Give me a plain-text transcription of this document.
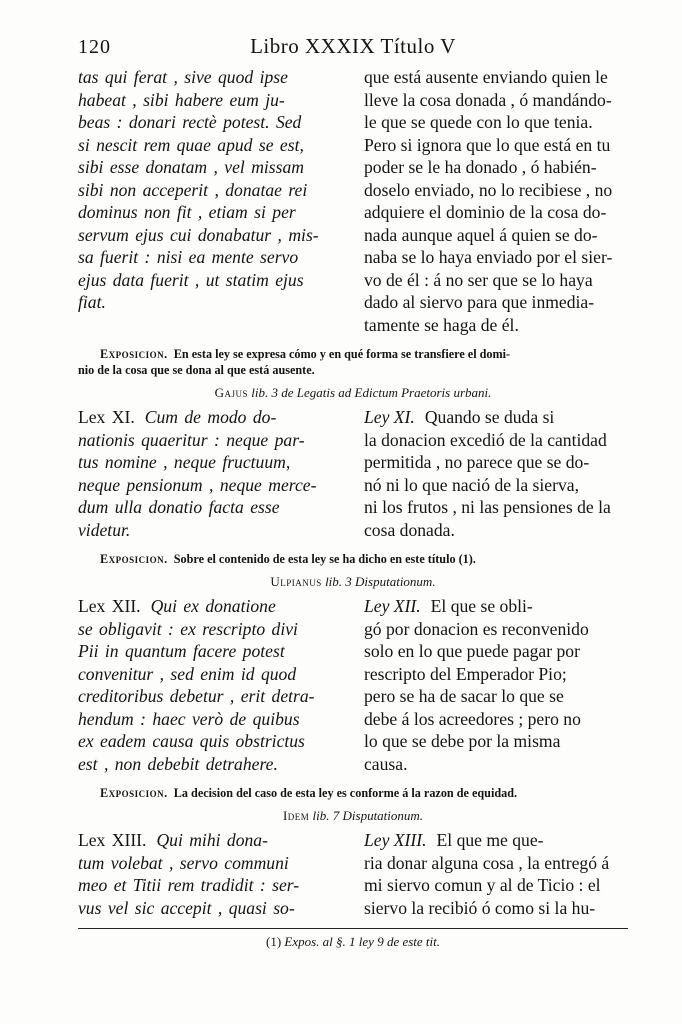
120	Libro XXXIX Título V
tas qui ferat , sive quod ipse
habeat , sibi habere eum ju-
beas : donari rectè potest. Sed
si nescit rem quae apud se est,
sibi esse donatam , vel missam
sibi non acceperit , donatae rei
dominus non fit , etiam si per
servum ejus cui donabatur , mis-
sa fuerit : nisi ea mente servo
ejus data fuerit , ut statim ejus
fiat.
que está ausente enviando quien le
lleve la cosa donada , ó mandándo-
le que se quede con lo que tenia.
Pero si ignora que lo que está en tu
poder se le ha donado , ó habién-
doselo enviado, no lo recibiese , no
adquiere el dominio de la cosa do-
nada aunque aquel á quien se do-
naba se lo haya enviado por el sier-
vo de él : á no ser que se lo haya
dado al siervo para que inmedia-
tamente se haga de él.
Exposicion. En esta ley se expresa cómo y en qué forma se transfiere el domi-
nio de la cosa que se dona al que está ausente.
Gajus lib. 3 de Legatis ad Edictum Praetoris urbani.
Lex XI. Cum de modo do-
nationis quaeritur : neque par-
tus nomine , neque fructuum,
neque pensionum , neque merce-
dum ulla donatio facta esse
videtur.
Ley XI. Quando se duda si
la donacion excedió de la cantidad
permitida , no parece que se do-
nó ni lo que nació de la sierva,
ni los frutos , ni las pensiones de la
cosa donada.
Exposicion. Sobre el contenido de esta ley se ha dicho en este título (1).
Ulpianus lib. 3 Disputationum.
Lex XII. Qui ex donatione
se obligavit : ex rescripto divi
Pii in quantum facere potest
convenitur , sed enim id quod
creditoribus debetur , erit detra-
hendum : haec verò de quibus
ex eadem causa quis obstrictus
est , non debebit detrahere.
Ley XII. El que se obli-
gó por donacion es reconvenido
solo en lo que puede pagar por
rescripto del Emperador Pio;
pero se ha de sacar lo que se
debe á los acreedores ; pero no
lo que se debe por la misma
causa.
Exposicion. La decision del caso de esta ley es conforme á la razon de equidad.
Idem lib. 7 Disputationum.
Lex XIII. Qui mihi dona-
tum volebat , servo communi
meo et Titii rem tradidit : ser-
vus vel sic accepit , quasi so-
Ley XIII. El que me que-
ria donar alguna cosa , la entregó á
mi siervo comun y al de Ticio : el
siervo la recibió ó como si la hu-
(1) Expos. al §. 1 ley 9 de este tit.
